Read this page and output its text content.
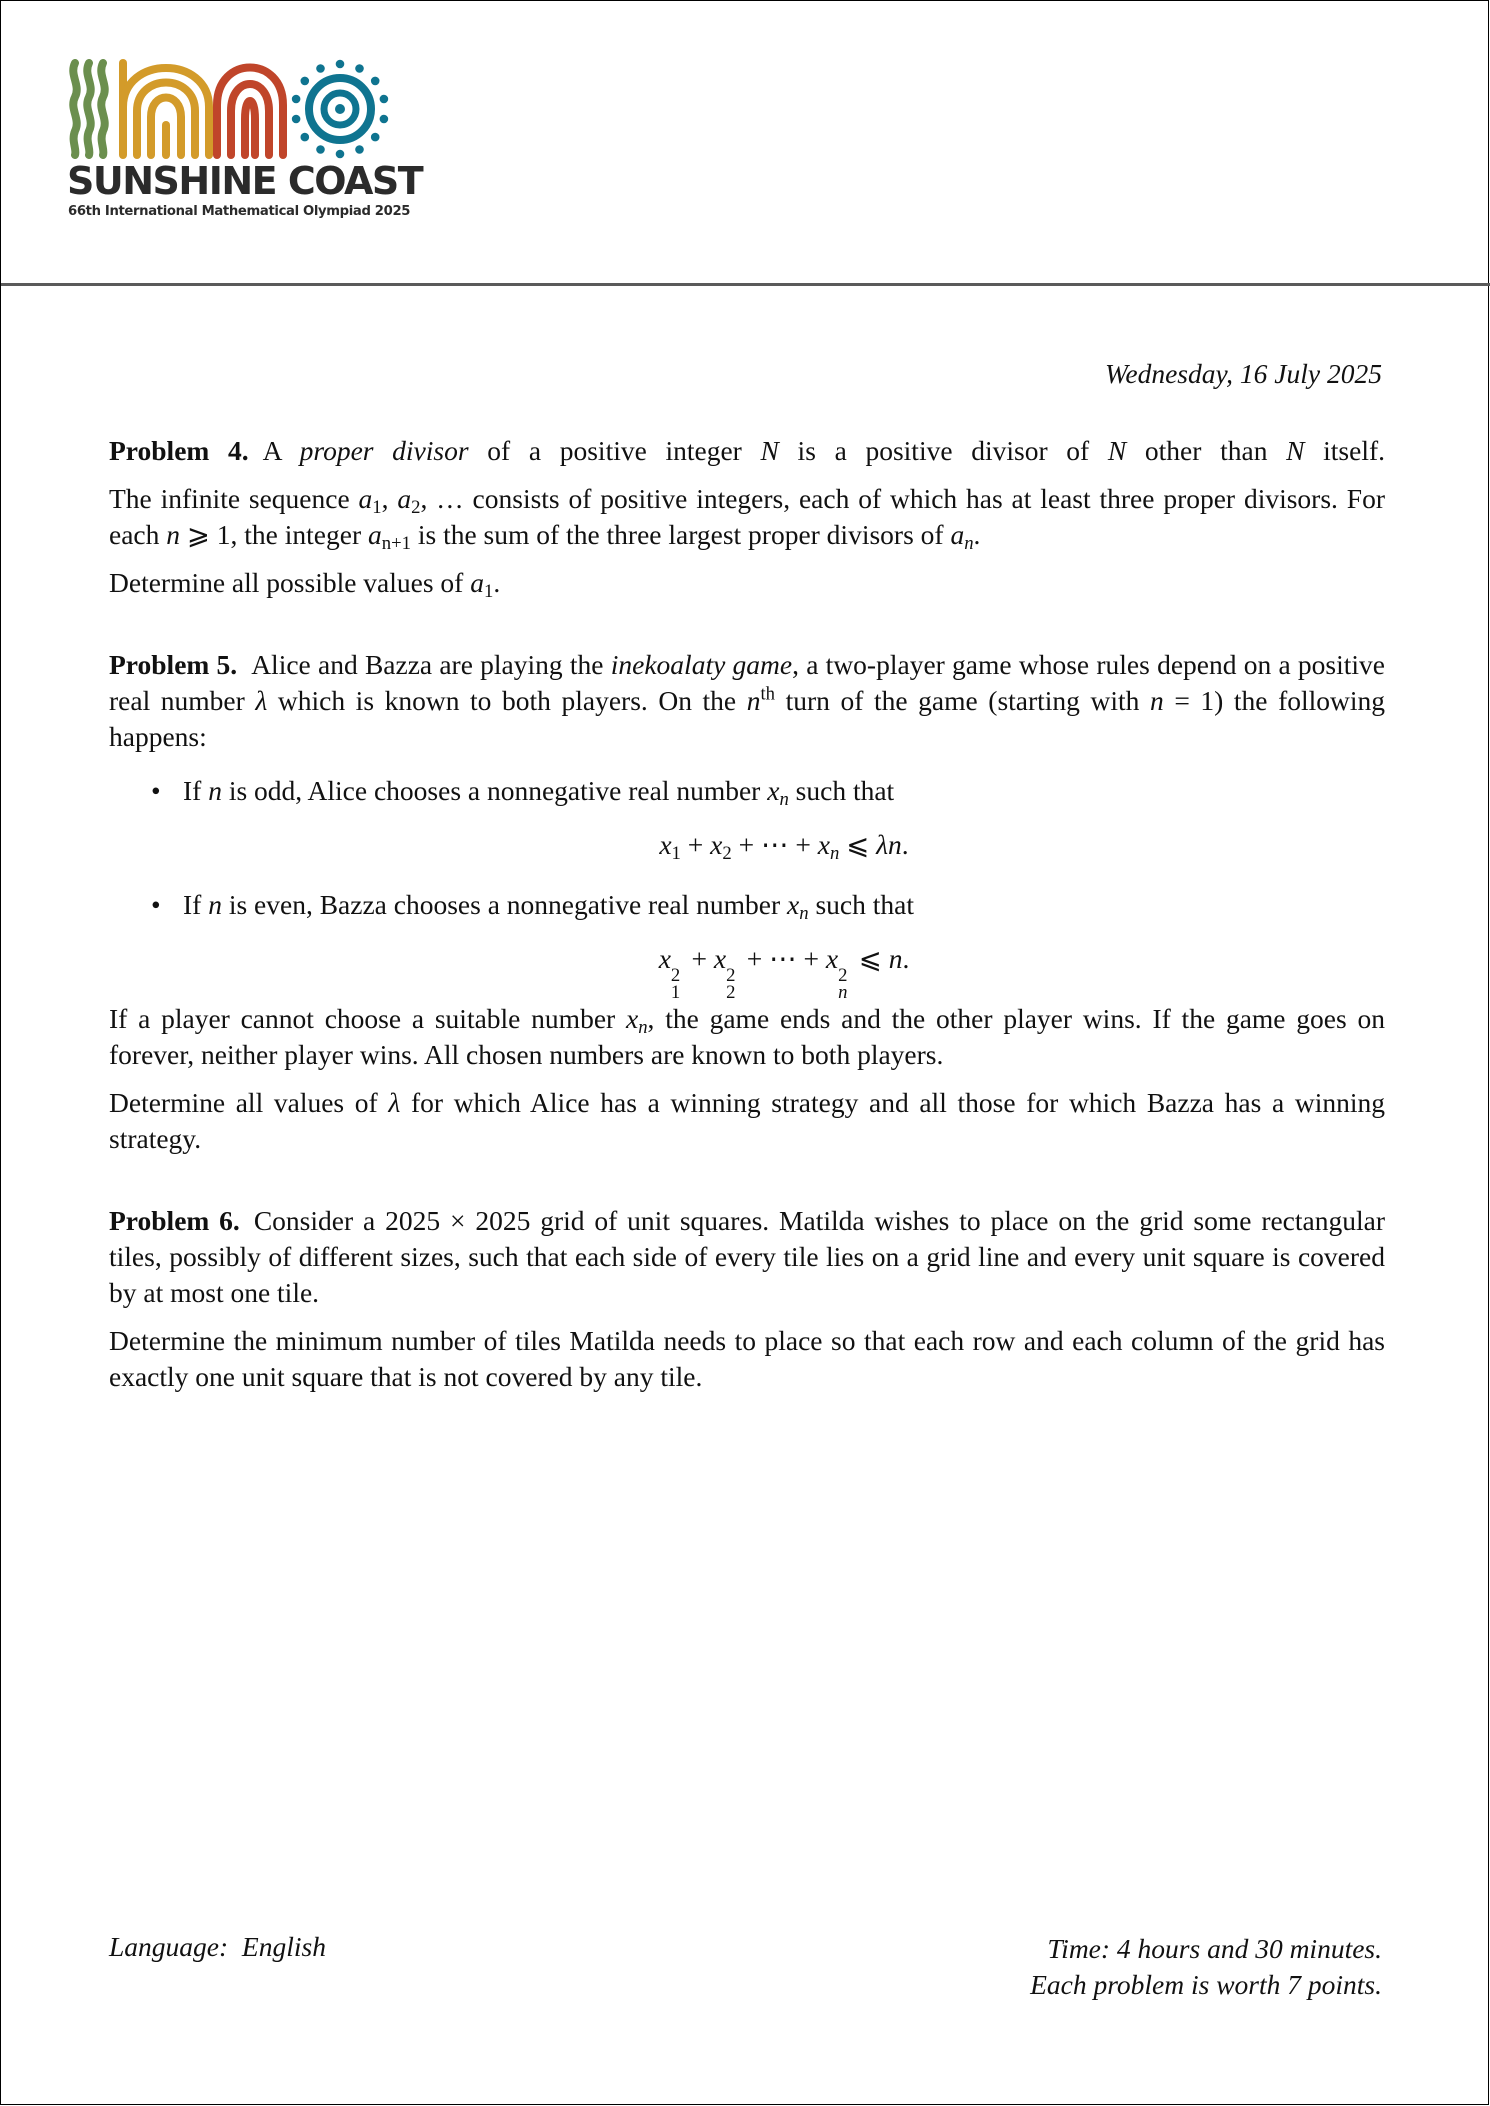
SUNSHINE COAST
66th International Mathematical Olympiad 2025
Wednesday, 16 July 2025

Problem 4. A proper divisor of a positive integer N is a positive divisor of N other than N itself.

The infinite sequence $a_1$, $a_2$, … consists of positive integers, each of which has at least three proper divisors. For each n ⩾ 1, the integer $a_{n+1}$ is the sum of the three largest proper divisors of $a_n$.

Determine all possible values of $a_1$.

Problem 5. Alice and Bazza are playing the inekoalaty game, a two-player game whose rules depend on a positive real number λ which is known to both players. On the $n^{th}$ turn of the game (starting with n = 1) the following happens:

• If n is odd, Alice chooses a nonnegative real number $x_n$ such that
$x_1 + x_2$ + ⋯ + $x_n$ ⩽ λn.
• If n is even, Bazza chooses a nonnegative real number $x_n$ such that
x
2
1
+ x
2
2
+ ⋯ + x
2
n
⩽ n.

If a player cannot choose a suitable number $x_n$, the game ends and the other player wins. If the game goes on forever, neither player wins. All chosen numbers are known to both players.

Determine all values of λ for which Alice has a winning strategy and all those for which Bazza has a winning strategy.

Problem 6. Consider a 2025 × 2025 grid of unit squares. Matilda wishes to place on the grid some rectangular tiles, possibly of different sizes, such that each side of every tile lies on a grid line and every unit square is covered by at most one tile.

Determine the minimum number of tiles Matilda needs to place so that each row and each column of the grid has exactly one unit square that is not covered by any tile.

Language:  English	Time: 4 hours and 30 minutes.
Each problem is worth 7 points.
